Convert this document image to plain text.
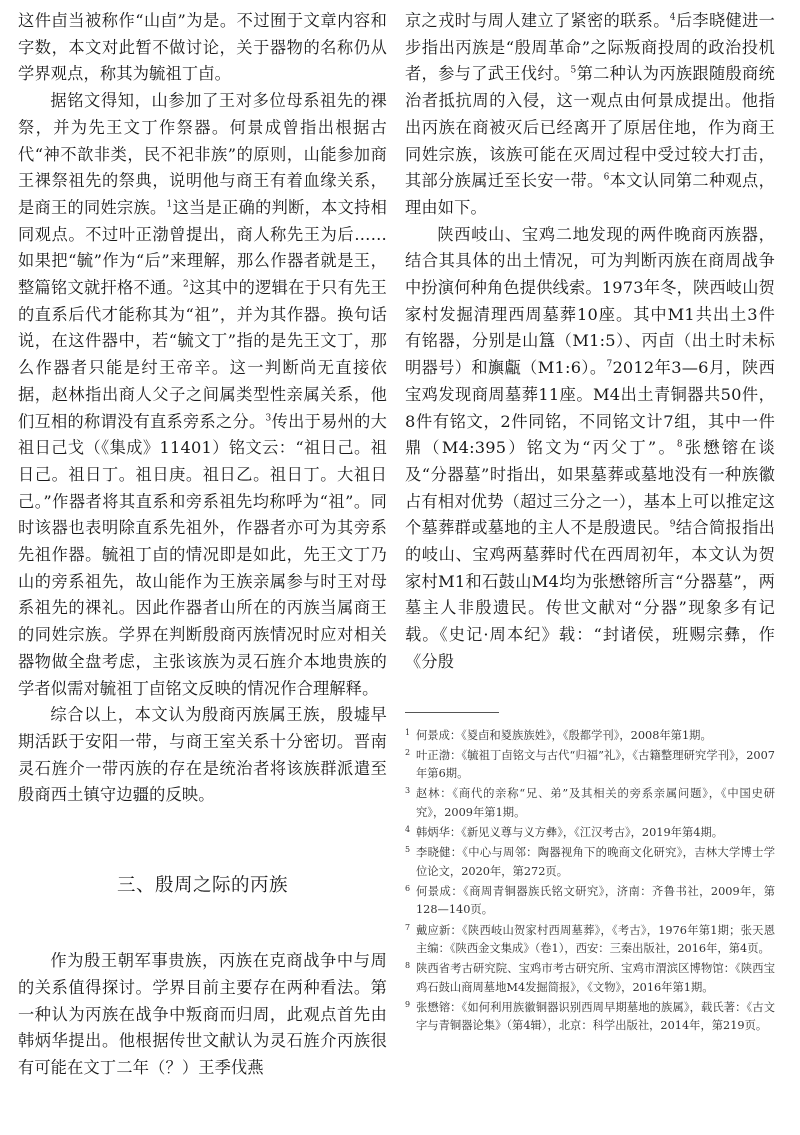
这件卣当被称作“山卣”为是。不过囿于文章内容和字数，本文对此暂不做讨论，关于器物的名称仍从学界观点，称其为毓祖丁卣。

据铭文得知，山参加了王对多位母系祖先的祼祭，并为先王文丁作祭器。何景成曾指出根据古代“神不歆非类，民不祀非族”的原则，山能参加商王祼祭祖先的祭典，说明他与商王有着血缘关系，是商王的同姓宗族。$^1$这当是正确的判断，本文持相同观点。不过叶正渤曾提出，商人称先王为后……如果把“毓”作为“后”来理解，那么作器者就是王，整篇铭文就扞格不通。$^2$这其中的逻辑在于只有先王的直系后代才能称其为“祖”，并为其作器。换句话说，在这件器中，若“毓文丁”指的是先王文丁，那么作器者只能是纣王帝辛。这一判断尚无直接依据，赵林指出商人父子之间属类型性亲属关系，他们互相的称谓没有直系旁系之分。$^3$传出于易州的大祖日己戈（《集成》11401）铭文云：“祖日己。祖日己。祖日丁。祖日庚。祖日乙。祖日丁。大祖日己。”作器者将其直系和旁系祖先均称呼为“祖”。同时该器也表明除直系先祖外，作器者亦可为其旁系先祖作器。毓祖丁卣的情况即是如此，先王文丁乃山的旁系祖先，故山能作为王族亲属参与时王对母系祖先的祼礼。因此作器者山所在的丙族当属商王的同姓宗族。学界在判断殷商丙族情况时应对相关器物做全盘考虑，主张该族为灵石旌介本地贵族的学者似需对毓祖丁卣铭文反映的情况作合理解释。

综合以上，本文认为殷商丙族属王族，殷墟早期活跃于安阳一带，与商王室关系十分密切。晋南灵石旌介一带丙族的存在是统治者将该族群派遣至殷商西土镇守边疆的反映。

三、殷周之际的丙族

作为殷王朝军事贵族，丙族在克商战争中与周的关系值得探讨。学界目前主要存在两种看法。第一种认为丙族在战争中叛商而归周，此观点首先由韩炳华提出。他根据传世文献认为灵石旌介丙族很有可能在文丁二年（？）王季伐燕

京之戎时与周人建立了紧密的联系。$^4$后李晓健进一步指出丙族是“殷周革命”之际叛商投周的政治投机者，参与了武王伐纣。$^5$第二种认为丙族跟随殷商统治者抵抗周的入侵，这一观点由何景成提出。他指出丙族在商被灭后已经离开了原居住地，作为商王同姓宗族，该族可能在灭周过程中受过较大打击，其部分族属迁至长安一带。$^6$本文认同第二种观点，理由如下。

陕西岐山、宝鸡二地发现的两件晚商丙族器，结合其具体的出土情况，可为判断丙族在商周战争中扮演何种角色提供线索。1973年冬，陕西岐山贺家村发掘清理西周墓葬10座。其中M1共出土3件有铭器，分别是山簋（M1:5）、丙卣（出土时未标明器号）和旟甗（M1:6）。$^7$2012年3—6月，陕西宝鸡发现商周墓葬11座。M4出土青铜器共50件，8件有铭文，2件同铭，不同铭文计7组，其中一件鼎（M4:395）铭文为“丙父丁”。$^8$张懋镕在谈及“分器墓”时指出，如果墓葬或墓地没有一种族徽占有相对优势（超过三分之一），基本上可以推定这个墓葬群或墓地的主人不是殷遗民。$^9$结合简报指出的岐山、宝鸡两墓葬时代在西周初年，本文认为贺家村M1和石鼓山M4均为张懋镕所言“分器墓”，两墓主人非殷遗民。传世文献对“分器”现象多有记载。《史记·周本纪》载：“封诸侯，班赐宗彝，作《分殷

1 何景成：《㚇卣和㚇族族姓》，《殷都学刊》，2008年第1期。
2 叶正渤：《毓祖丁卣铭文与古代“归福”礼》，《古籍整理研究学刊》，2007年第6期。
3 赵林：《商代的亲称“兄、弟”及其相关的旁系亲属问题》，《中国史研究》，2009年第1期。
4 韩炳华：《新见义尊与义方彝》，《江汉考古》，2019年第4期。
5 李晓健：《中心与周邻：陶器视角下的晚商文化研究》，吉林大学博士学位论文，2020年，第272页。
6 何景成：《商周青铜器族氏铭文研究》，济南：齐鲁书社，2009年，第128—140页。
7 戴应新：《陕西岐山贺家村西周墓葬》，《考古》，1976年第1期；张天恩主编：《陕西金文集成》（卷1），西安：三秦出版社，2016年，第4页。
8 陕西省考古研究院、宝鸡市考古研究所、宝鸡市渭滨区博物馆：《陕西宝鸡石鼓山商周墓地M4发掘简报》，《文物》，2016年第1期。
9 张懋镕：《如何利用族徽铜器识别西周早期墓地的族属》，载氏著：《古文字与青铜器论集》（第4辑），北京：科学出版社，2014年，第219页。
